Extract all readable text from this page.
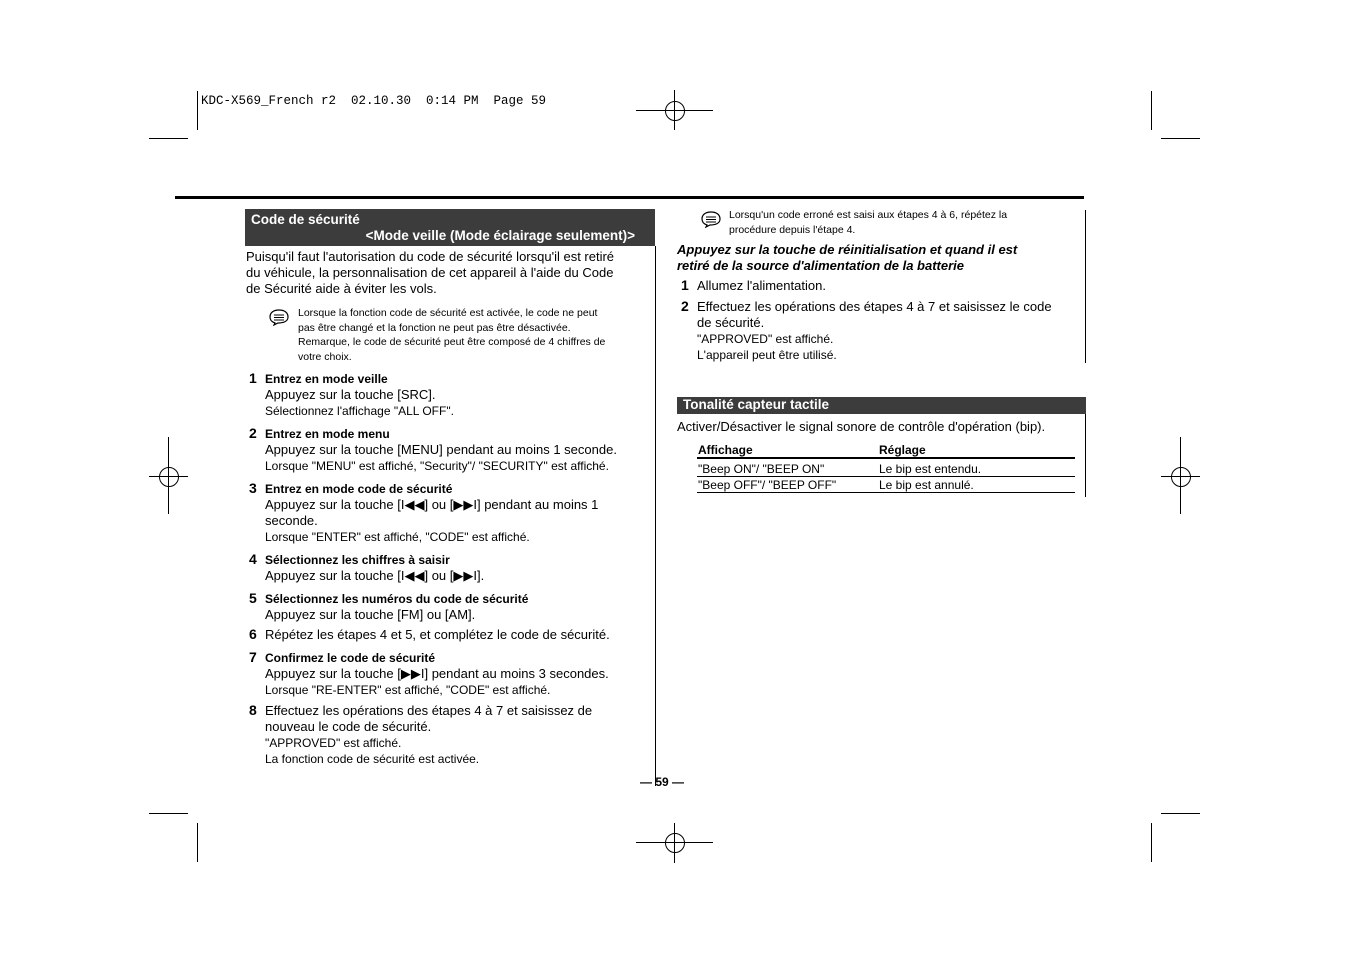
KDC-X569_French r2  02.10.30  0:14 PM  Page 59
Code de sécurité
<Mode veille (Mode éclairage seulement)>
Puisqu'il faut l'autorisation du code de sécurité lorsqu'il est retiré
du véhicule, la personnalisation de cet appareil à l'aide du Code
de Sécurité aide à éviter les vols.
Lorsque la fonction code de sécurité est activée, le code ne peut
pas être changé et la fonction ne peut pas être désactivée.
Remarque, le code de sécurité peut être composé de 4 chiffres de
votre choix.
1 Entrez en mode veille
Appuyez sur la touche [SRC].
Sélectionnez l'affichage "ALL OFF".
2 Entrez en mode menu
Appuyez sur la touche [MENU] pendant au moins 1 seconde.
Lorsque "MENU" est affiché, "Security"/ "SECURITY" est affiché.
3 Entrez en mode code de sécurité
Appuyez sur la touche [I◀◀] ou [▶▶I] pendant au moins 1
seconde.
Lorsque "ENTER" est affiché, "CODE" est affiché.
4 Sélectionnez les chiffres à saisir
Appuyez sur la touche [I◀◀] ou [▶▶I].
5 Sélectionnez les numéros du code de sécurité
Appuyez sur la touche [FM] ou [AM].
6 Répétez les étapes 4 et 5, et complétez le code de sécurité.
7 Confirmez le code de sécurité
Appuyez sur la touche [▶▶I] pendant au moins 3 secondes.
Lorsque "RE-ENTER" est affiché, "CODE" est affiché.
8 Effectuez les opérations des étapes 4 à 7 et saisissez de
nouveau le code de sécurité.
"APPROVED" est affiché.
La fonction code de sécurité est activée.
Lorsqu'un code erroné est saisi aux étapes 4 à 6, répétez la
procédure depuis l'étape 4.
Appuyez sur la touche de réinitialisation et quand il est
retiré de la source d'alimentation de la batterie
1 Allumez l'alimentation.
2 Effectuez les opérations des étapes 4 à 7 et saisissez le code
de sécurité.
"APPROVED" est affiché.
L'appareil peut être utilisé.
Tonalité capteur tactile
Activer/Désactiver le signal sonore de contrôle d'opération (bip).
Affichage	Réglage
"Beep ON"/ "BEEP ON"	Le bip est entendu.
"Beep OFF"/ "BEEP OFF"	Le bip est annulé.
— 59 —
